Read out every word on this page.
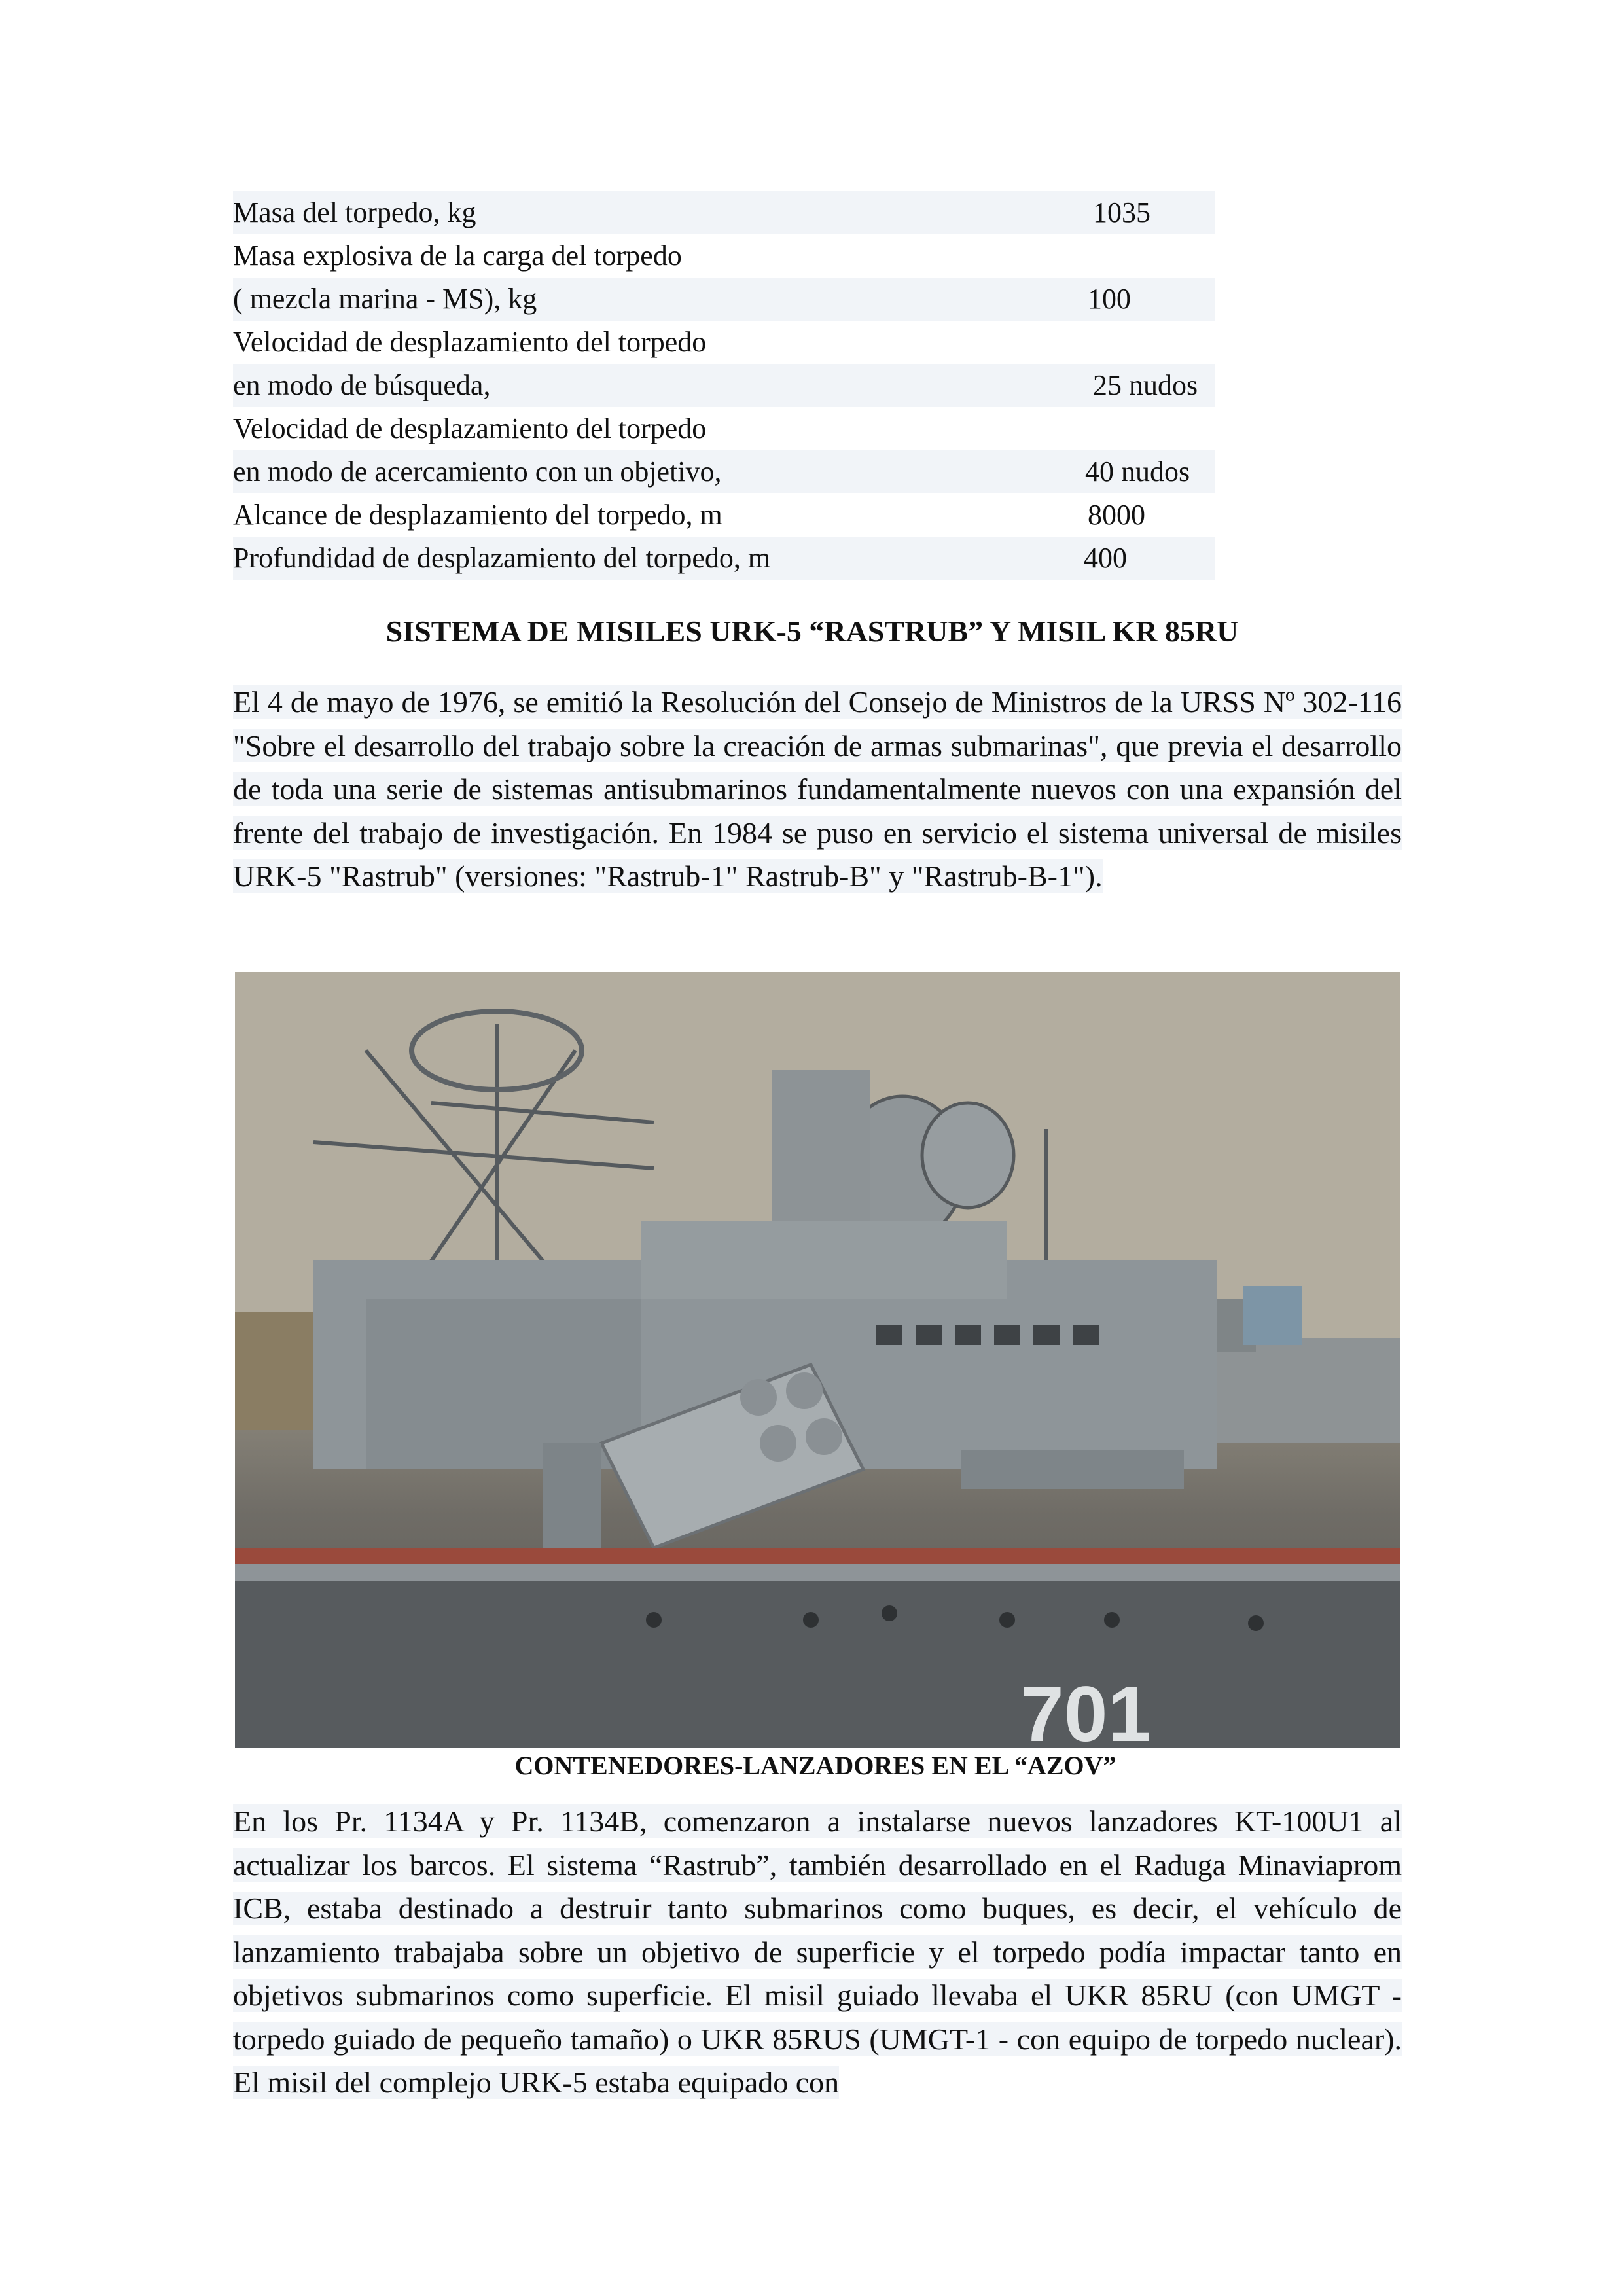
Masa del torpedo, kg	1035
Masa explosiva de la carga del torpedo
( mezcla marina - MS), kg	100
Velocidad de desplazamiento del torpedo
en modo de búsqueda,	25 nudos
Velocidad de desplazamiento del torpedo
en modo de acercamiento con un objetivo,	40 nudos
Alcance de desplazamiento del torpedo, m	8000
Profundidad de desplazamiento del torpedo, m	400
SISTEMA DE MISILES URK-5 “RASTRUB” Y MISIL KR 85RU
El 4 de mayo de 1976, se emitió la Resolución del Consejo de Ministros de la URSS Nº 302-116 "Sobre el desarrollo del trabajo sobre la creación de armas submarinas", que previa el desarrollo de toda una serie de sistemas antisubmarinos fundamentalmente nuevos con una expansión del frente del trabajo de investigación. En 1984 se puso en servicio el sistema universal de misiles URK-5 "Rastrub" (versiones: "Rastrub-1" Rastrub-B" y "Rastrub-B-1").
701
CONTENEDORES-LANZADORES EN EL “AZOV”
En los Pr. 1134A y Pr. 1134B, comenzaron a instalarse nuevos lanzadores KT-100U1 al actualizar los barcos. El sistema “Rastrub”, también desarrollado en el Raduga Minaviaprom ICB, estaba destinado a destruir tanto submarinos como buques, es decir, el vehículo de lanzamiento trabajaba sobre un objetivo de superficie y el torpedo podía impactar tanto en objetivos submarinos como superficie. El misil guiado llevaba el UKR 85RU (con UMGT - torpedo guiado de pequeño tamaño) o UKR 85RUS (UMGT-1 - con equipo de torpedo nuclear). El misil del complejo URK-5 estaba equipado con
